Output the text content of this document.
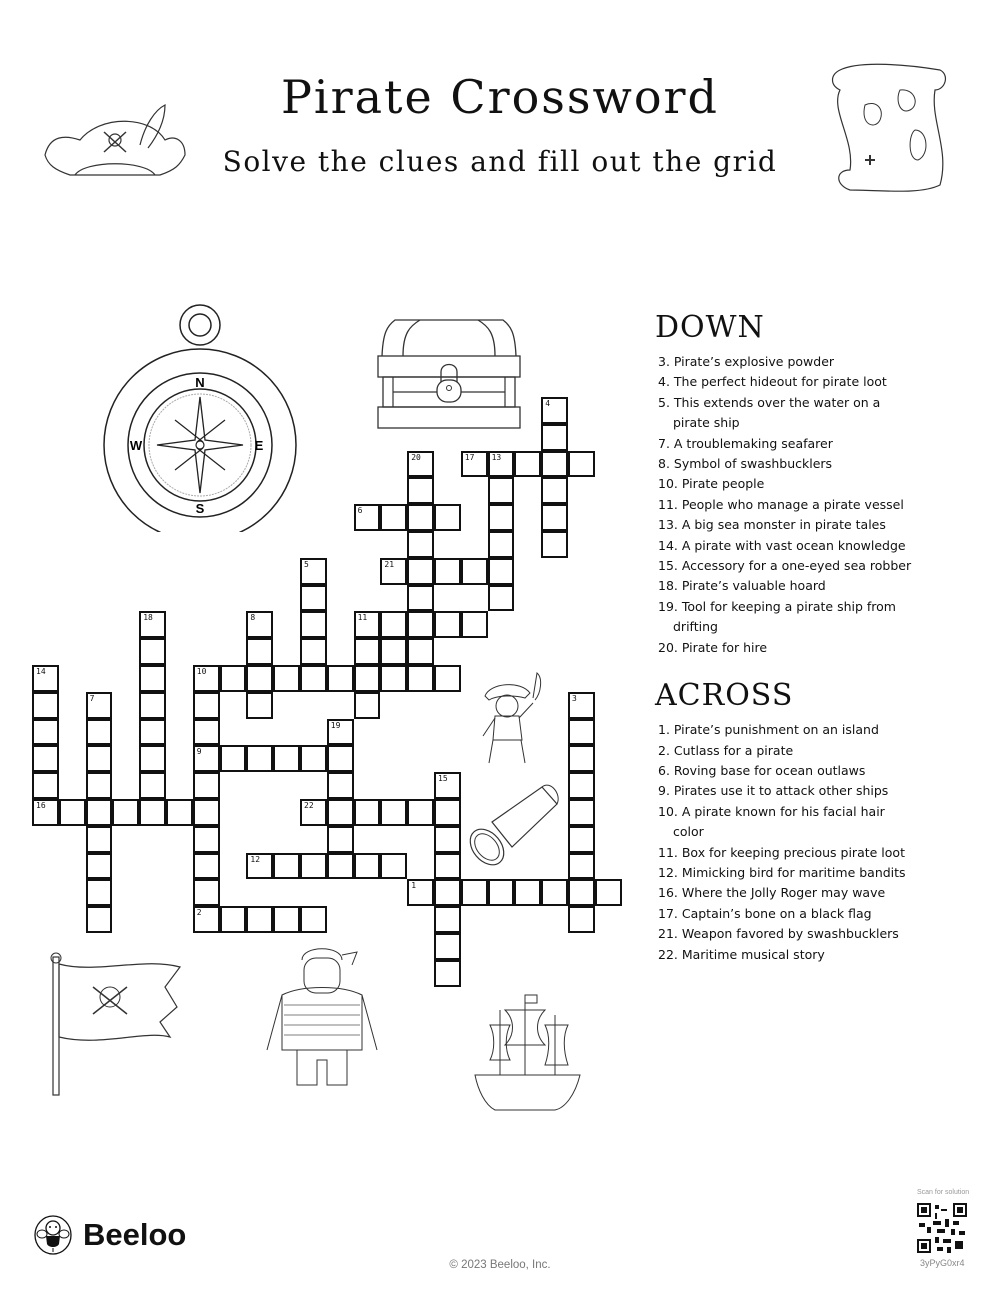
Pirate Crossword
Solve the clues and fill out the grid
N
S
E
W
4
20	17 13
6
5	21
18	8	11
14	10
7	3
19
9
15
16	22
12
1
2
DOWN
3. Pirate’s explosive powder
4. The perfect hideout for pirate loot
5. This extends over the water on a pirate ship
7. A troublemaking seafarer
8. Symbol of swashbucklers
10. Pirate people
11. People who manage a pirate vessel
13. A big sea monster in pirate tales
14. A pirate with vast ocean knowledge
15. Accessory for a one-eyed sea robber
18. Pirate’s valuable hoard
19. Tool for keeping a pirate ship from drifting
20. Pirate for hire
ACROSS
1. Pirate’s punishment on an island
2. Cutlass for a pirate
6. Roving base for ocean outlaws
9. Pirates use it to attack other ships
10. A pirate known for his facial hair color
11. Box for keeping precious pirate loot
12. Mimicking bird for maritime bandits
16. Where the Jolly Roger may wave
17. Captain’s bone on a black flag
21. Weapon favored by swashbucklers
22. Maritime musical story
Beeloo
© 2023 Beeloo, Inc.
Scan for solution
3yPyG0xr4
